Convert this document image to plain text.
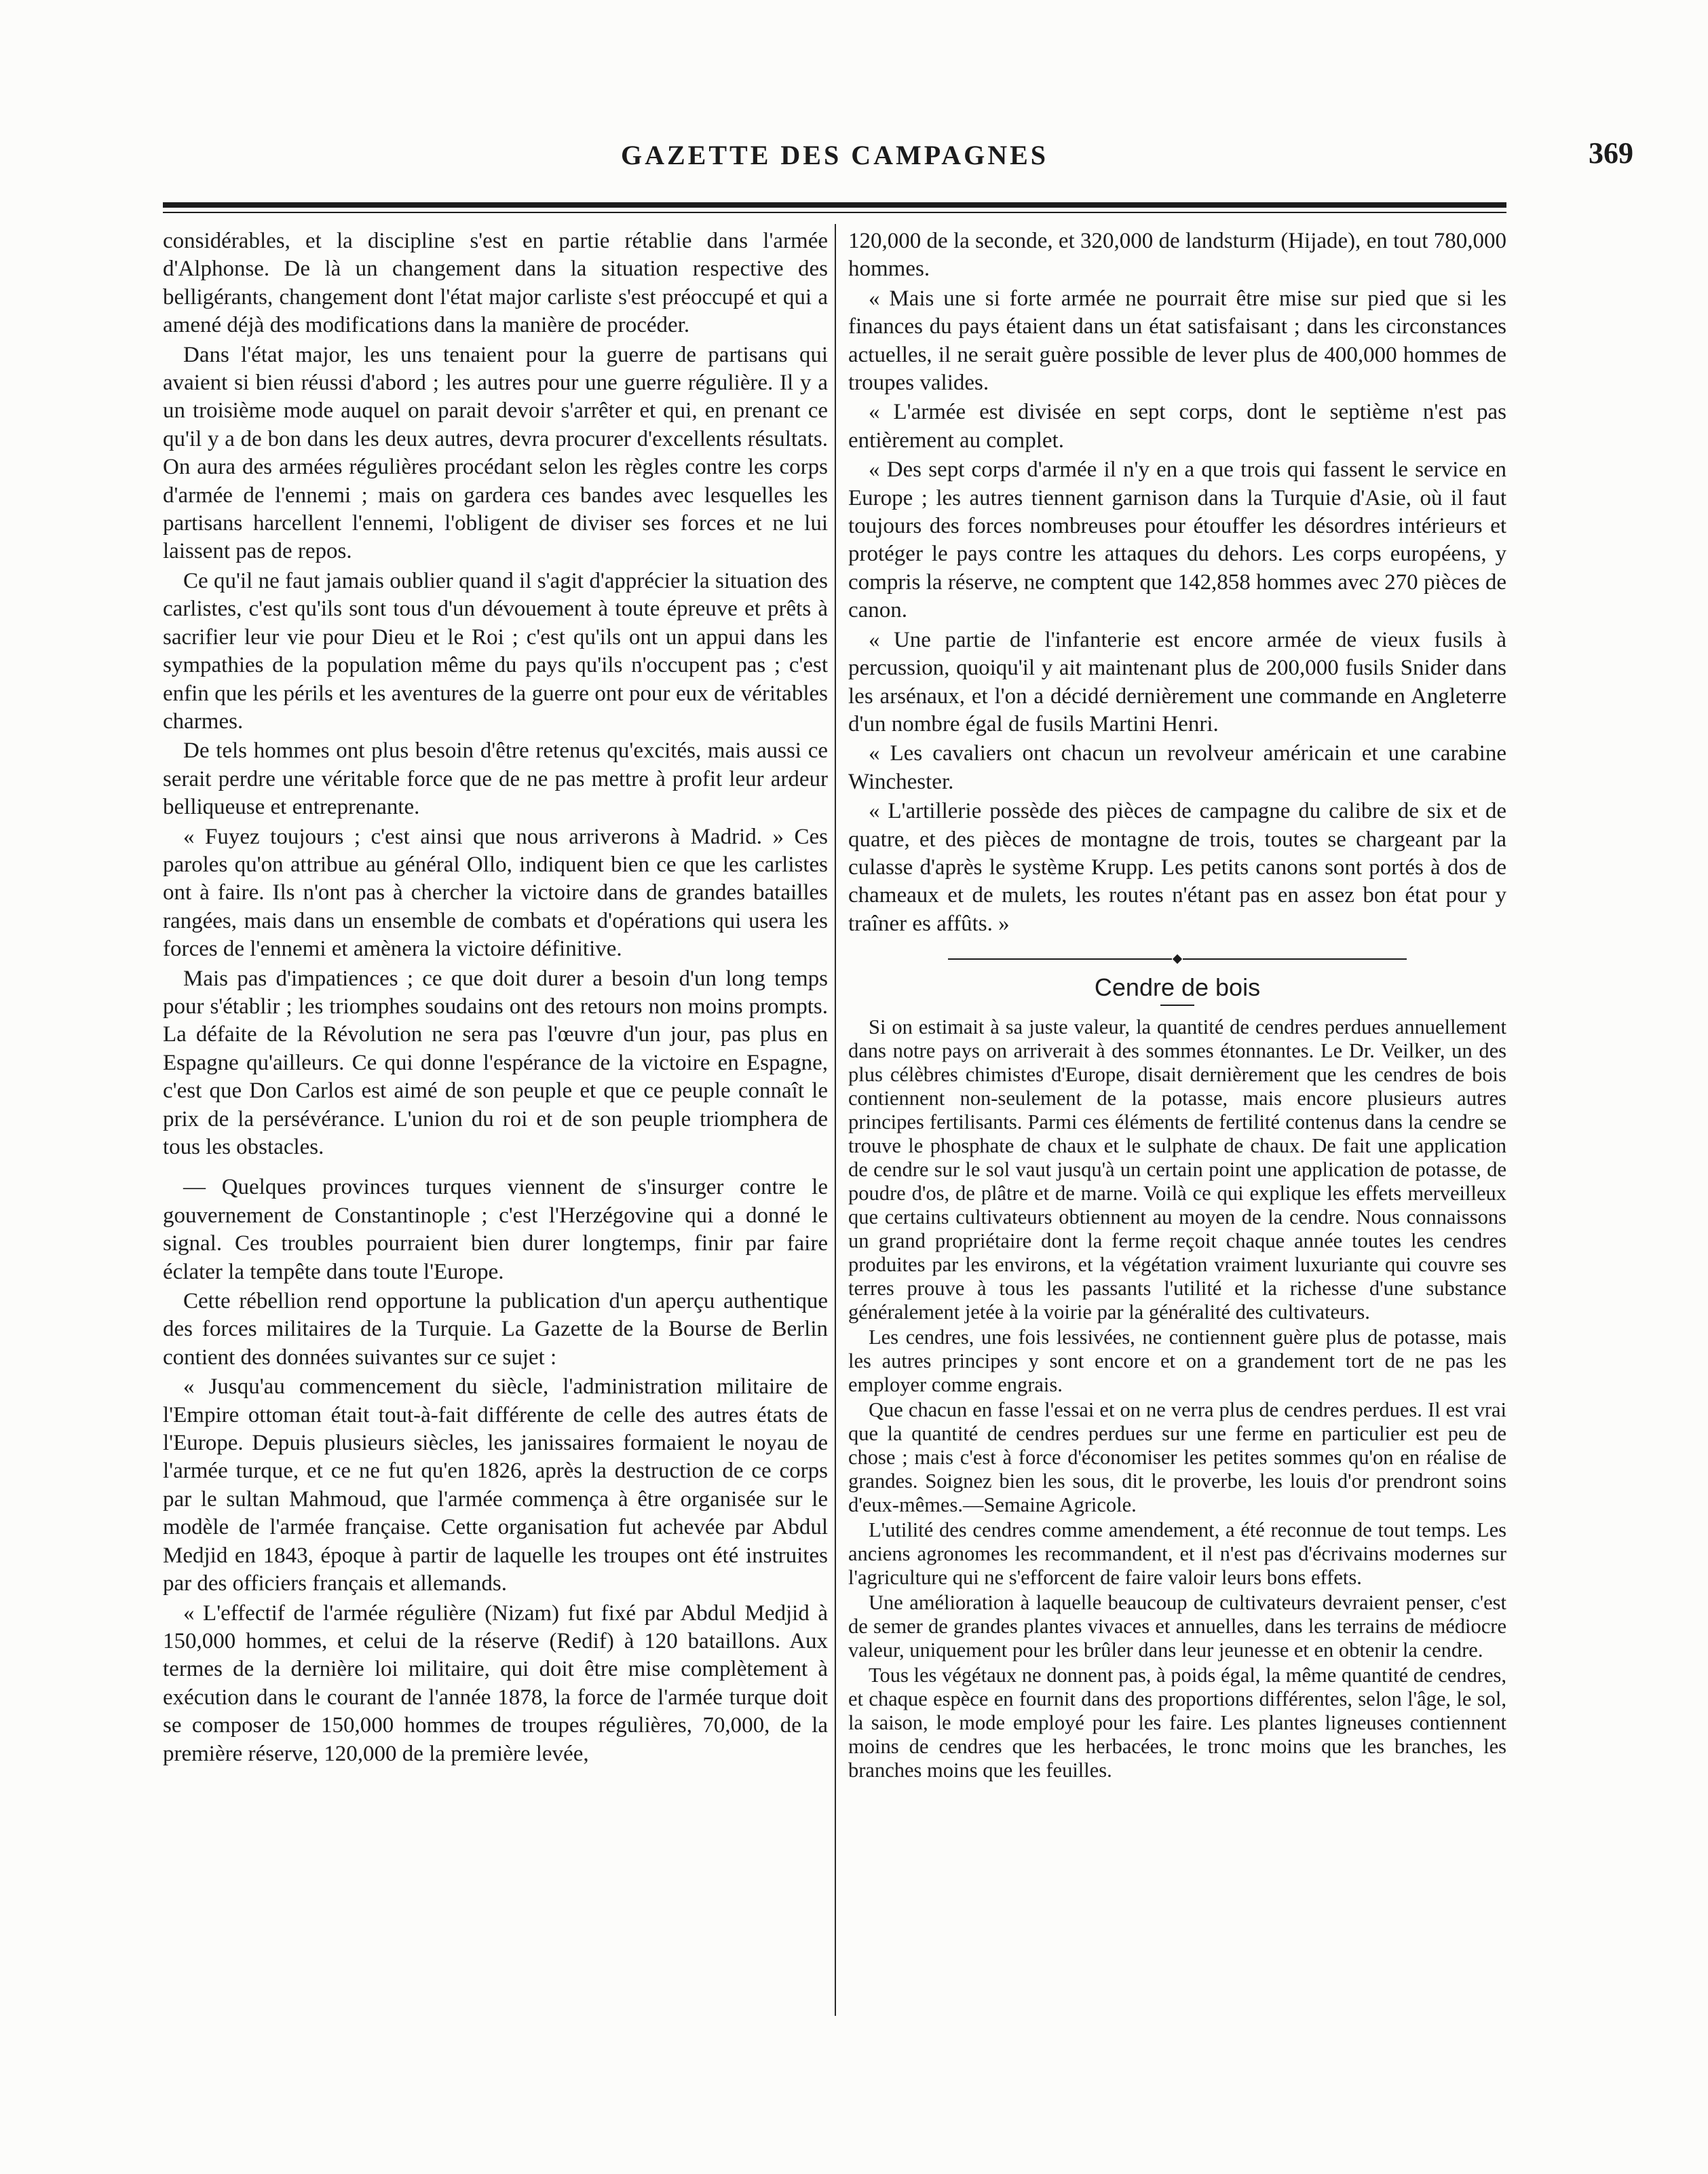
GAZETTE DES CAMPAGNES	369

considérables, et la discipline s'est en partie rétablie dans l'armée d'Alphonse. De là un changement dans la situation respective des belligérants, changement dont l'état major carliste s'est préoccupé et qui a amené déjà des modifications dans la manière de procéder.

Dans l'état major, les uns tenaient pour la guerre de partisans qui avaient si bien réussi d'abord ; les autres pour une guerre régulière. Il y a un troisième mode auquel on parait devoir s'arrêter et qui, en prenant ce qu'il y a de bon dans les deux autres, devra procurer d'excellents résultats. On aura des armées régulières procédant selon les règles contre les corps d'armée de l'ennemi ; mais on gardera ces bandes avec lesquelles les partisans harcellent l'ennemi, l'obligent de diviser ses forces et ne lui laissent pas de repos.

Ce qu'il ne faut jamais oublier quand il s'agit d'apprécier la situation des carlistes, c'est qu'ils sont tous d'un dévouement à toute épreuve et prêts à sacrifier leur vie pour Dieu et le Roi ; c'est qu'ils ont un appui dans les sympathies de la population même du pays qu'ils n'occupent pas ; c'est enfin que les périls et les aventures de la guerre ont pour eux de véritables charmes.

De tels hommes ont plus besoin d'être retenus qu'excités, mais aussi ce serait perdre une véritable force que de ne pas mettre à profit leur ardeur belliqueuse et entreprenante.

« Fuyez toujours ; c'est ainsi que nous arriverons à Madrid. » Ces paroles qu'on attribue au général Ollo, indiquent bien ce que les carlistes ont à faire. Ils n'ont pas à chercher la victoire dans de grandes batailles rangées, mais dans un ensemble de combats et d'opérations qui usera les forces de l'ennemi et amènera la victoire définitive.

Mais pas d'impatiences ; ce que doit durer a besoin d'un long temps pour s'établir ; les triomphes soudains ont des retours non moins prompts. La défaite de la Révolution ne sera pas l'œuvre d'un jour, pas plus en Espagne qu'ailleurs. Ce qui donne l'espérance de la victoire en Espagne, c'est que Don Carlos est aimé de son peuple et que ce peuple connaît le prix de la persévérance. L'union du roi et de son peuple triomphera de tous les obstacles.

— Quelques provinces turques viennent de s'insurger contre le gouvernement de Constantinople ; c'est l'Herzégovine qui a donné le signal. Ces troubles pourraient bien durer longtemps, finir par faire éclater la tempête dans toute l'Europe.

Cette rébellion rend opportune la publication d'un aperçu authentique des forces militaires de la Turquie. La Gazette de la Bourse de Berlin contient des données suivantes sur ce sujet :

« Jusqu'au commencement du siècle, l'administration militaire de l'Empire ottoman était tout-à-fait différente de celle des autres états de l'Europe. Depuis plusieurs siècles, les janissaires formaient le noyau de l'armée turque, et ce ne fut qu'en 1826, après la destruction de ce corps par le sultan Mahmoud, que l'armée commença à être organisée sur le modèle de l'armée française. Cette organisation fut achevée par Abdul Medjid en 1843, époque à partir de laquelle les troupes ont été instruites par des officiers français et allemands.

« L'effectif de l'armée régulière (Nizam) fut fixé par Abdul Medjid à 150,000 hommes, et celui de la réserve (Redif) à 120 bataillons. Aux termes de la dernière loi militaire, qui doit être mise complètement à exécution dans le courant de l'année 1878, la force de l'armée turque doit se composer de 150,000 hommes de troupes régulières, 70,000, de la première réserve, 120,000 de la première levée,

120,000 de la seconde, et 320,000 de landsturm (Hijade), en tout 780,000 hommes.

« Mais une si forte armée ne pourrait être mise sur pied que si les finances du pays étaient dans un état satisfaisant ; dans les circonstances actuelles, il ne serait guère possible de lever plus de 400,000 hommes de troupes valides.

« L'armée est divisée en sept corps, dont le septième n'est pas entièrement au complet.

« Des sept corps d'armée il n'y en a que trois qui fassent le service en Europe ; les autres tiennent garnison dans la Turquie d'Asie, où il faut toujours des forces nombreuses pour étouffer les désordres intérieurs et protéger le pays contre les attaques du dehors. Les corps européens, y compris la réserve, ne comptent que 142,858 hommes avec 270 pièces de canon.

« Une partie de l'infanterie est encore armée de vieux fusils à percussion, quoiqu'il y ait maintenant plus de 200,000 fusils Snider dans les arsénaux, et l'on a décidé dernièrement une commande en Angleterre d'un nombre égal de fusils Martini Henri.

« Les cavaliers ont chacun un revolveur américain et une carabine Winchester.

« L'artillerie possède des pièces de campagne du calibre de six et de quatre, et des pièces de montagne de trois, toutes se chargeant par la culasse d'après le système Krupp. Les petits canons sont portés à dos de chameaux et de mulets, les routes n'étant pas en assez bon état pour y traîner es affûts. »

Cendre de bois

Si on estimait à sa juste valeur, la quantité de cendres perdues annuellement dans notre pays on arriverait à des sommes étonnantes. Le Dr. Veilker, un des plus célèbres chimistes d'Europe, disait dernièrement que les cendres de bois contiennent non-seulement de la potasse, mais encore plusieurs autres principes fertilisants. Parmi ces éléments de fertilité contenus dans la cendre se trouve le phosphate de chaux et le sulphate de chaux. De fait une application de cendre sur le sol vaut jusqu'à un certain point une application de potasse, de poudre d'os, de plâtre et de marne. Voilà ce qui explique les effets merveilleux que certains cultivateurs obtiennent au moyen de la cendre. Nous connaissons un grand propriétaire dont la ferme reçoit chaque année toutes les cendres produites par les environs, et la végétation vraiment luxuriante qui couvre ses terres prouve à tous les passants l'utilité et la richesse d'une substance généralement jetée à la voirie par la généralité des cultivateurs.

Les cendres, une fois lessivées, ne contiennent guère plus de potasse, mais les autres principes y sont encore et on a grandement tort de ne pas les employer comme engrais.

Que chacun en fasse l'essai et on ne verra plus de cendres perdues. Il est vrai que la quantité de cendres perdues sur une ferme en particulier est peu de chose ; mais c'est à force d'économiser les petites sommes qu'on en réalise de grandes. Soignez bien les sous, dit le proverbe, les louis d'or prendront soins d'eux-mêmes.—Semaine Agricole.

L'utilité des cendres comme amendement, a été reconnue de tout temps. Les anciens agronomes les recommandent, et il n'est pas d'écrivains modernes sur l'agriculture qui ne s'efforcent de faire valoir leurs bons effets.

Une amélioration à laquelle beaucoup de cultivateurs devraient penser, c'est de semer de grandes plantes vivaces et annuelles, dans les terrains de médiocre valeur, uniquement pour les brûler dans leur jeunesse et en obtenir la cendre.

Tous les végétaux ne donnent pas, à poids égal, la même quantité de cendres, et chaque espèce en fournit dans des proportions différentes, selon l'âge, le sol, la saison, le mode employé pour les faire. Les plantes ligneuses contiennent moins de cendres que les herbacées, le tronc moins que les branches, les branches moins que les feuilles.
